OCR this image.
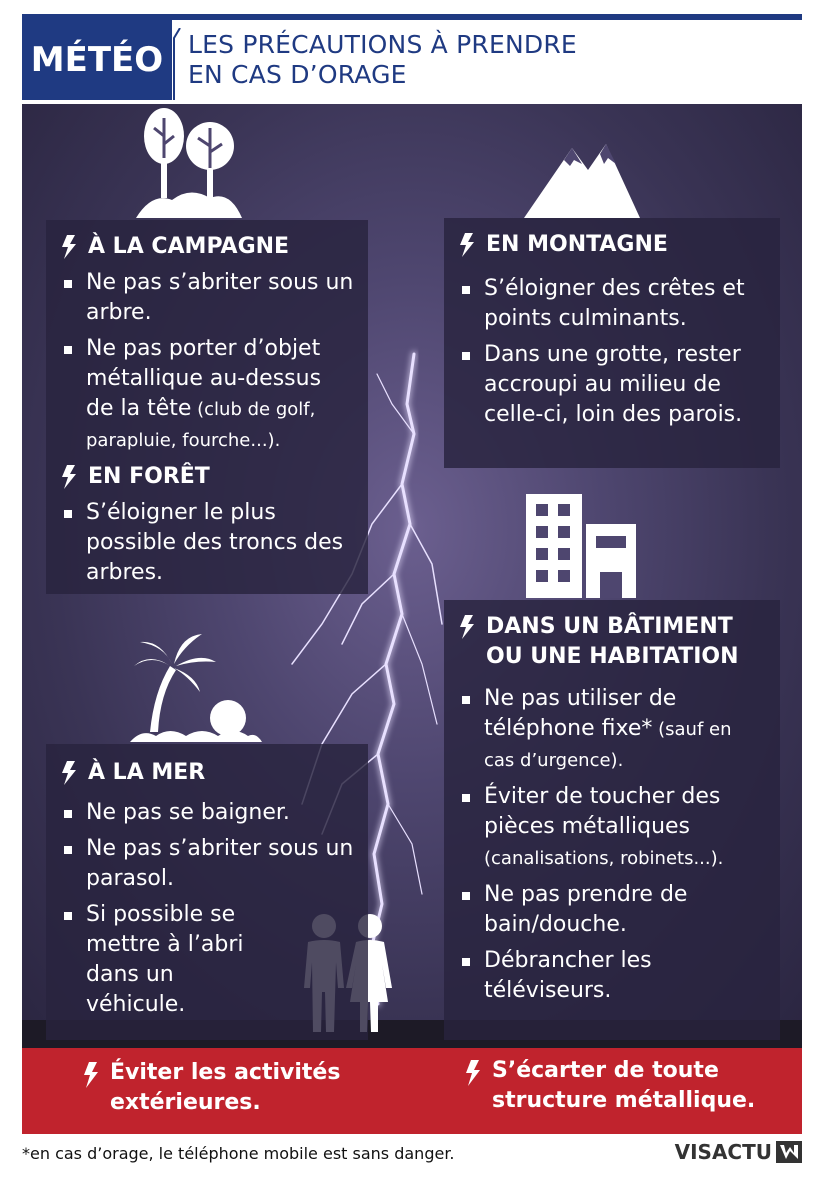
MÉTÉO LES PRÉCAUTIONS À PRENDRE
EN CAS D’ORAGE
À LA CAMPAGNE
Ne pas s’abriter sous un arbre.
Ne pas porter d’objet métallique au-dessus de la tête (club de golf, parapluie, fourche...).
EN FORÊT
S’éloigner le plus possible des troncs des arbres.
EN MONTAGNE
S’éloigner des crêtes et points culminants.
Dans une grotte, rester accroupi au milieu de celle-ci, loin des parois.
DANS UN BÂTIMENT
OU UNE HABITATION
Ne pas utiliser de téléphone fixe* (sauf en cas d’urgence).
Éviter de toucher des pièces métalliques (canalisations, robinets...).
Ne pas prendre de bain/douche.
Débrancher les téléviseurs.
À LA MER
Ne pas se baigner.
Ne pas s’abriter sous un parasol.
Si possible se mettre à l’abri dans un véhicule.
Éviter les activités
extérieures.
S’écarter de toute
structure métallique.
*en cas d’orage, le téléphone mobile est sans danger.	VISACTU
